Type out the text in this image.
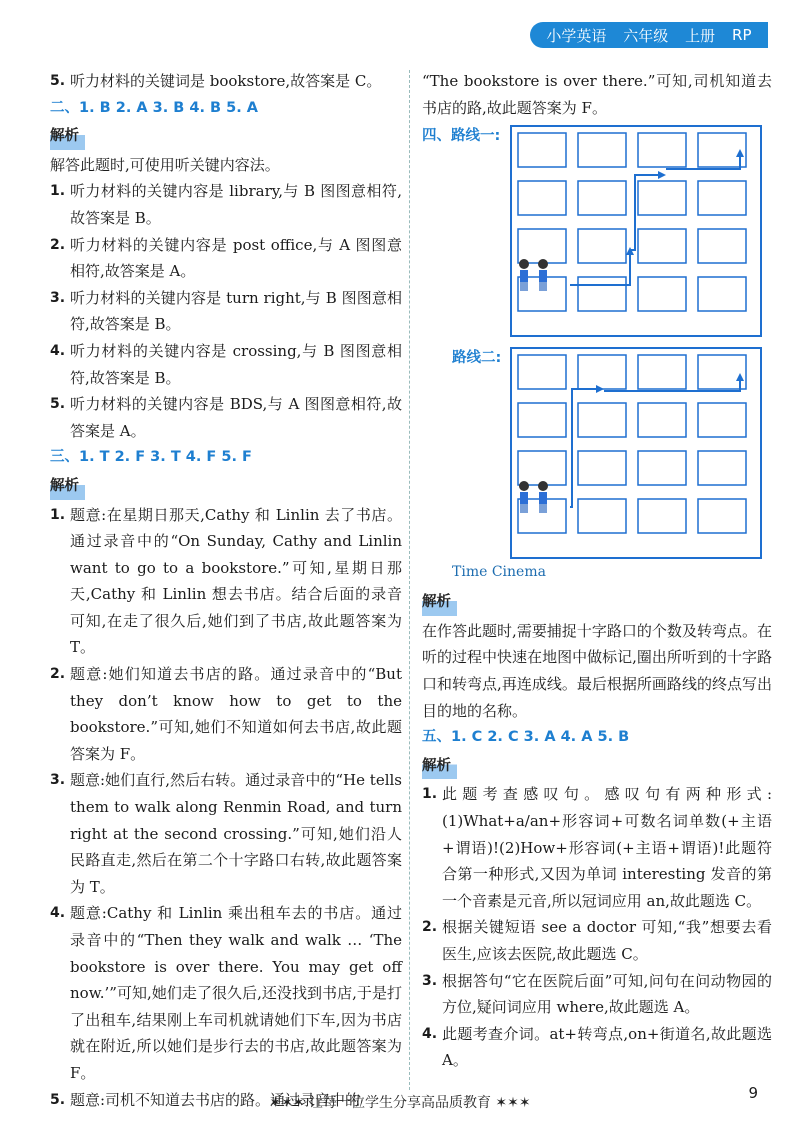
小学英语 六年级 上册 RP
5. 听力材料的关键词是 bookstore,故答案是 C。
二、1. B 2. A 3. B 4. B 5. A
解析
解答此题时,可使用听关键内容法。
1. 听力材料的关键内容是 library,与 B 图图意相符,故答案是 B。
2. 听力材料的关键内容是 post office,与 A 图图意相符,故答案是 A。
3. 听力材料的关键内容是 turn right,与 B 图图意相符,故答案是 B。
4. 听力材料的关键内容是 crossing,与 B 图图意相符,故答案是 B。
5. 听力材料的关键内容是 BDS,与 A 图图意相符,故答案是 A。
三、1. T 2. F 3. T 4. F 5. F
解析
1. 题意:在星期日那天,Cathy 和 Linlin 去了书店。通过录音中的“On Sunday, Cathy and Linlin want to go to a bookstore.”可知,星期日那天,Cathy 和 Linlin 想去书店。结合后面的录音可知,在走了很久后,她们到了书店,故此题答案为 T。
2. 题意:她们知道去书店的路。通过录音中的“But they don’t know how to get to the bookstore.”可知,她们不知道如何去书店,故此题答案为 F。
3. 题意:她们直行,然后右转。通过录音中的“He tells them to walk along Renmin Road, and turn right at the second crossing.”可知,她们沿人民路直走,然后在第二个十字路口右转,故此题答案为 T。
4. 题意:Cathy 和 Linlin 乘出租车去的书店。通过录音中的“Then they walk and walk … ‘The bookstore is over there. You may get off now.’”可知,她们走了很久后,还没找到书店,于是打了出租车,结果刚上车司机就请她们下车,因为书店就在附近,所以她们是步行去的书店,故此题答案为 F。
5. 题意:司机不知道去书店的路。通过录音中的
“The bookstore is over there.”可知,司机知道去书店的路,故此题答案为 F。
四、路线一:
路线二:
Time Cinema
解析
在作答此题时,需要捕捉十字路口的个数及转弯点。在听的过程中快速在地图中做标记,圈出所听到的十字路口和转弯点,再连成线。最后根据所画路线的终点写出目的地的名称。
五、1. C 2. C 3. A 4. A 5. B
解析
1. 此题考查感叹句。感叹句有两种形式:(1)What+a/an+形容词+可数名词单数(+主语+谓语)!(2)How+形容词(+主语+谓语)!此题符合第一种形式,又因为单词 interesting 发音的第一个音素是元音,所以冠词应用 an,故此题选 C。
2. 根据关键短语 see a doctor 可知,“我”想要去看医生,应该去医院,故此题选 C。
3. 根据答句“它在医院后面”可知,问句在问动物园的方位,疑问词应用 where,故此题选 A。
4. 此题考查介词。at+转弯点,on+街道名,故此题选 A。
✶✶✶ 让每一位学生分享高品质教育 ✶✶✶
9
